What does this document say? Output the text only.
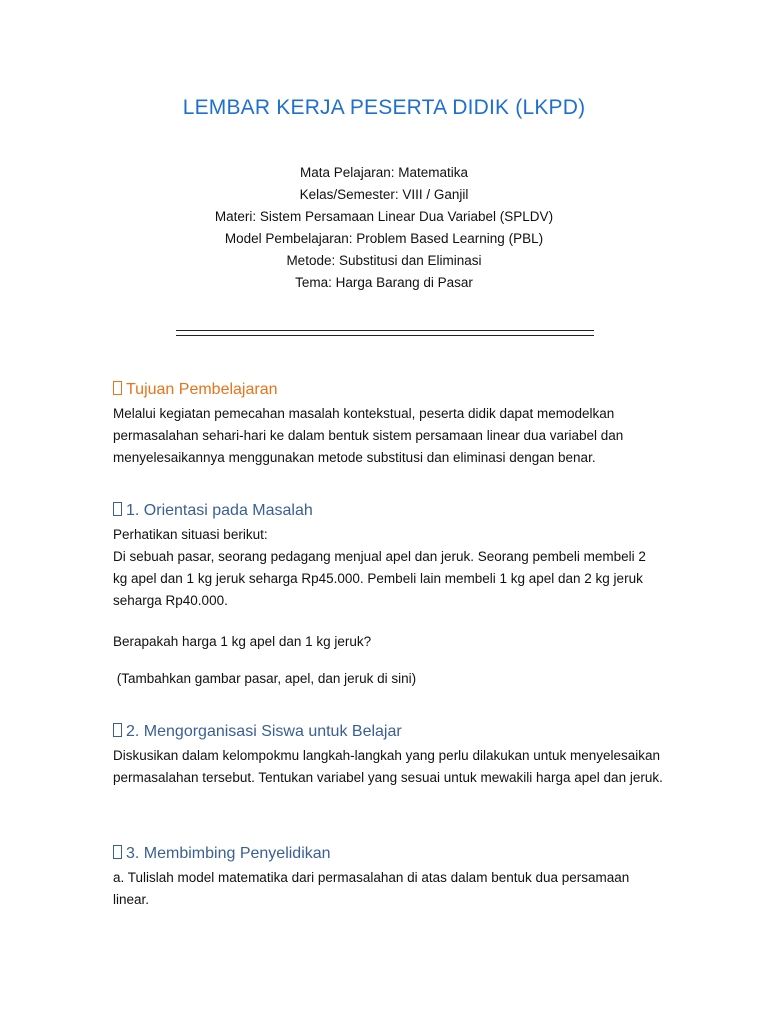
LEMBAR KERJA PESERTA DIDIK (LKPD)
Mata Pelajaran: Matematika
Kelas/Semester: VIII / Ganjil
Materi: Sistem Persamaan Linear Dua Variabel (SPLDV)
Model Pembelajaran: Problem Based Learning (PBL)
Metode: Substitusi dan Eliminasi
Tema: Harga Barang di Pasar
Tujuan Pembelajaran

Melalui kegiatan pemecahan masalah kontekstual, peserta didik dapat memodelkan permasalahan sehari-hari ke dalam bentuk sistem persamaan linear dua variabel dan menyelesaikannya menggunakan metode substitusi dan eliminasi dengan benar.

1. Orientasi pada Masalah

Perhatikan situasi berikut:

Di sebuah pasar, seorang pedagang menjual apel dan jeruk. Seorang pembeli membeli 2 kg apel dan 1 kg jeruk seharga Rp45.000. Pembeli lain membeli 1 kg apel dan 2 kg jeruk seharga Rp40.000.

Berapakah harga 1 kg apel dan 1 kg jeruk?

(Tambahkan gambar pasar, apel, dan jeruk di sini)

2. Mengorganisasi Siswa untuk Belajar

Diskusikan dalam kelompokmu langkah-langkah yang perlu dilakukan untuk menyelesaikan permasalahan tersebut. Tentukan variabel yang sesuai untuk mewakili harga apel dan jeruk.

3. Membimbing Penyelidikan

a. Tulislah model matematika dari permasalahan di atas dalam bentuk dua persamaan linear.
